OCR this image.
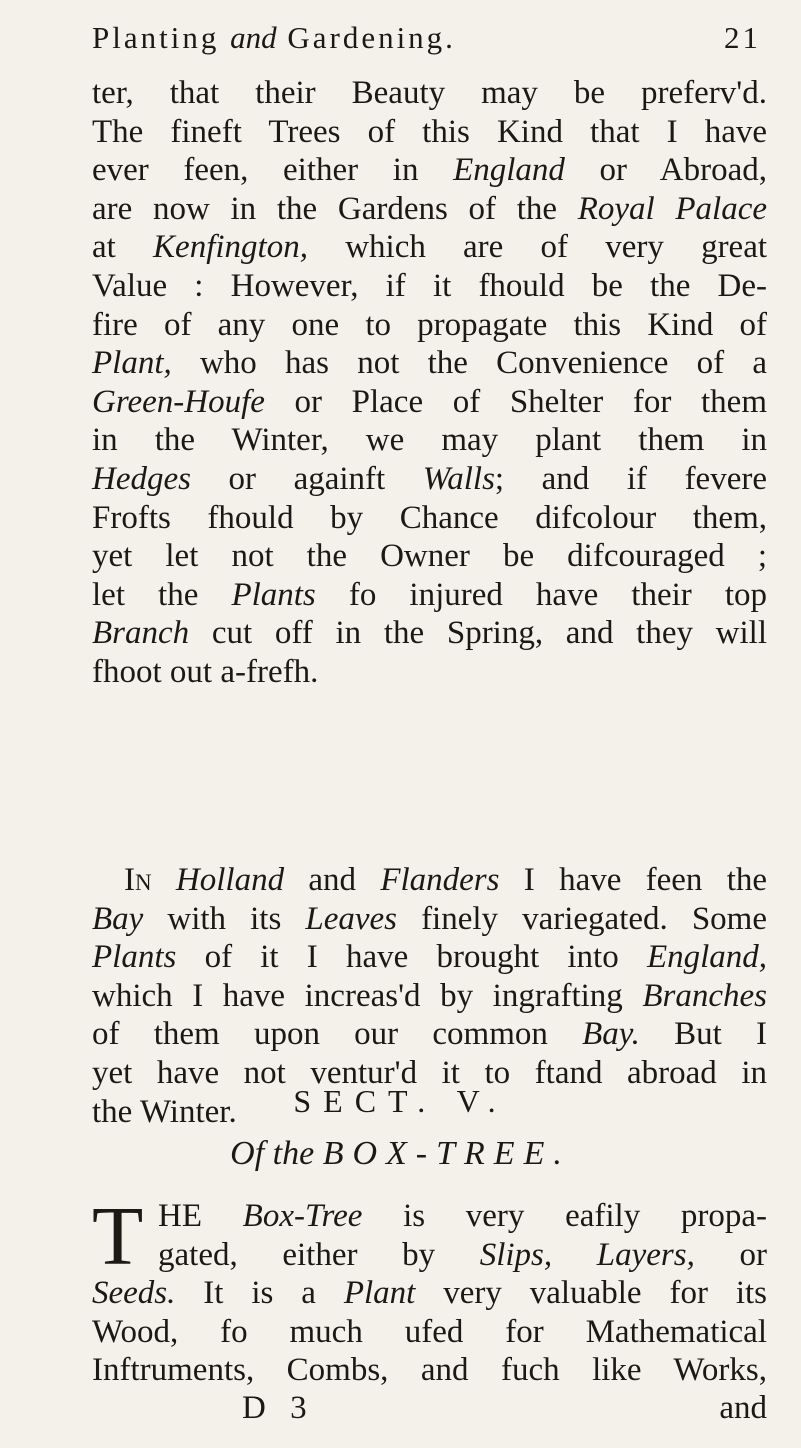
Planting and Gardening.	21
ter, that their Beauty may be preferv'd.
The fineft Trees of this Kind that I have
ever feen, either in England or Abroad,
are now in the Gardens of the Royal Palace
at Kenfington, which are of very great
Value : However, if it fhould be the De-
fire of any one to propagate this Kind of
Plant, who has not the Convenience of a
Green-Houfe or Place of Shelter for them
in the Winter, we may plant them in
Hedges or againft Walls; and if fevere
Frofts fhould by Chance difcolour them,
yet let not the Owner be difcouraged ;
let the Plants fo injured have their top
Branch cut off in the Spring, and they will
fhoot out a-frefh.
In Holland and Flanders I have feen the
Bay with its Leaves finely variegated. Some
Plants of it I have brought into England,
which I have increas'd by ingrafting Branches
of them upon our common Bay. But I
yet have not ventur'd it to ftand abroad in
the Winter.	SECT. V.
Of the BOX-TREE.
T HE Box-Tree is very eafily propa-
gated, either by Slips, Layers, or
Seeds. It is a Plant very valuable for its
Wood, fo much ufed for Mathematical
Inftruments, Combs, and fuch like Works,
D 3	and
